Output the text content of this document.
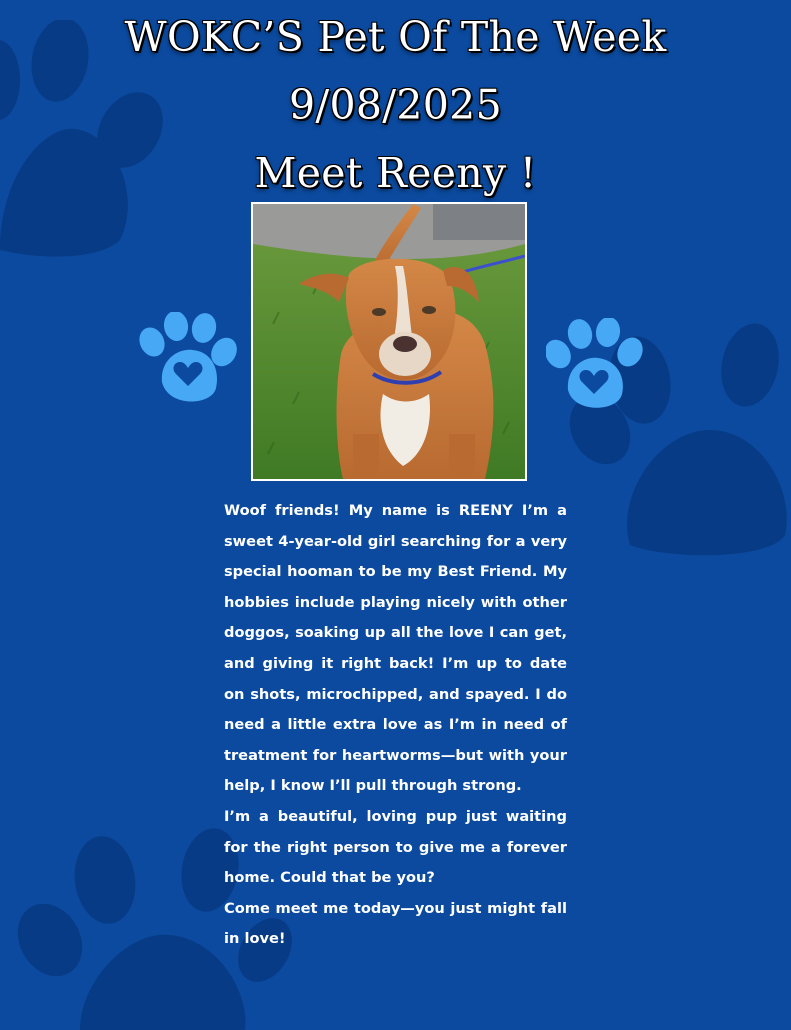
WOKC’S Pet Of The Week
9/08/2025
Meet Reeny !

Woof friends! My name is REENY I’m a sweet 4-year-old girl searching for a very special hooman to be my Best Friend. My hobbies include playing nicely with other doggos, soaking up all the love I can get, and giving it right back! I’m up to date on shots, microchipped, and spayed. I do need a little extra love as I’m in need of treatment for heartworms—but with your help, I know I’ll pull through strong.

I’m a beautiful, loving pup just waiting for the right person to give me a forever home. Could that be you?

Come meet me today—you just might fall in love!
